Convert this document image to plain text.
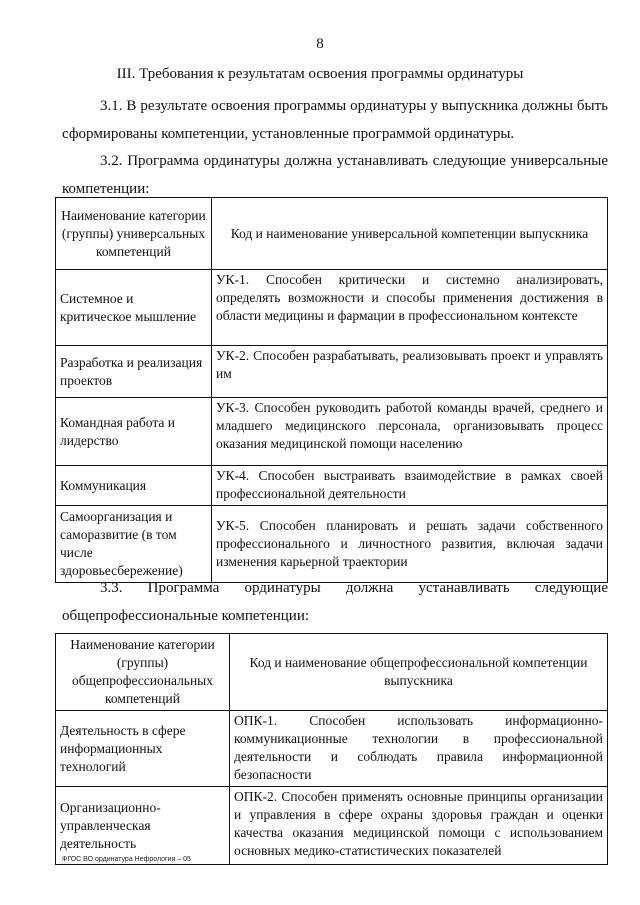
8
III. Требования к результатам освоения программы ординатуры

3.1. В результате освоения программы ординатуры у выпускника должны быть сформированы компетенции, установленные программой ординатуры.

3.2. Программа ординатуры должна устанавливать следующие универсальные компетенции:

Наименование категории (группы) универсальных компетенций	Код и наименование универсальной компетенции выпускника
Системное и критическое мышление	УК-1. Способен критически и системно анализировать, определять возможности и способы применения достижения в области медицины и фармации в профессиональном контексте
Разработка и реализация проектов	УК-2. Способен разрабатывать, реализовывать проект и управлять им
Командная работа и лидерство	УК-3. Способен руководить работой команды врачей, среднего и младшего медицинского персонала, организовывать процесс оказания медицинской помощи населению
Коммуникация	УК-4. Способен выстраивать взаимодействие в рамках своей профессиональной деятельности
Самоорганизация и саморазвитие (в том числе здоровьесбережение)	УК-5. Способен планировать и решать задачи собственного профессионального и личностного развития, включая задачи изменения карьерной траектории

3.3. Программа ординатуры должна устанавливать следующие общепрофессиональные компетенции:

Наименование категории (группы) общепрофессиональных компетенций	Код и наименование общепрофессиональной компетенции выпускника
Деятельность в сфере информационных технологий	ОПК-1. Способен использовать информационно-коммуникационные технологии в профессиональной деятельности и соблюдать правила информационной безопасности
Организационно-управленческая деятельность	ОПК-2. Способен применять основные принципы организации и управления в сфере охраны здоровья граждан и оценки качества оказания медицинской помощи с использованием основных медико-статистических показателей
ФГОС ВО ординатура Нефрология – 05
